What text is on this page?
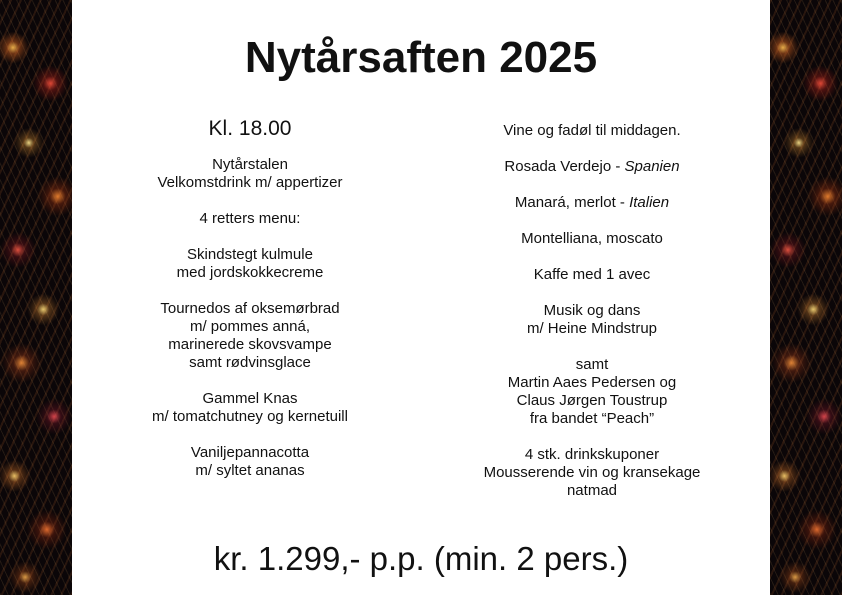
Nytårsaften 2025

Kl. 18.00

Nytårstalen

Velkomstdrink m/ appertizer

4 retters menu:

Skindstegt kulmule

med jordskokkecreme

Tournedos af oksemørbrad

m/ pommes anná,

marinerede skovsvampe

samt rødvinsglace

Gammel Knas

m/ tomatchutney og kernetuill

Vaniljepannacotta

m/ syltet ananas

Vine og fadøl til middagen.

Rosada Verdejo - Spanien

Manará, merlot - Italien

Montelliana, moscato

Kaffe med 1 avec

Musik og dans

m/ Heine Mindstrup

samt

Martin Aaes Pedersen og

Claus Jørgen Toustrup

fra bandet “Peach”

4 stk. drinkskuponer

Mousserende vin og kransekage

natmad

kr. 1.299,- p.p. (min. 2 pers.)
